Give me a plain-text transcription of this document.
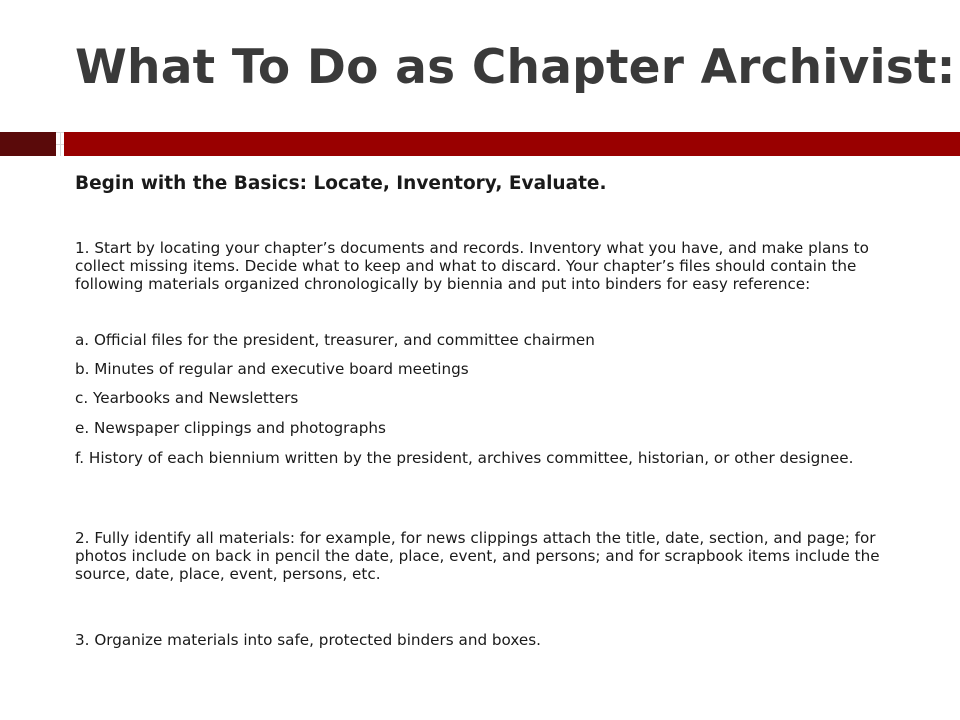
What To Do as Chapter Archivist:

Begin with the Basics: Locate, Inventory, Evaluate.

1. Start by locating your chapter’s documents and records. Inventory what you have, and make plans to collect missing items. Decide what to keep and what to discard. Your chapter’s files should contain the following materials organized chronologically by biennia and put into binders for easy reference:

a. Official files for the president, treasurer, and committee chairmen

b. Minutes of regular and executive board meetings

c. Yearbooks and Newsletters

e. Newspaper clippings and photographs

f. History of each biennium written by the president, archives committee, historian, or other designee.

2. Fully identify all materials: for example, for news clippings attach the title, date, section, and page; for photos include on back in pencil the date, place, event, and persons; and for scrapbook items include the source, date, place, event, persons, etc.

3. Organize materials into safe, protected binders and boxes.
